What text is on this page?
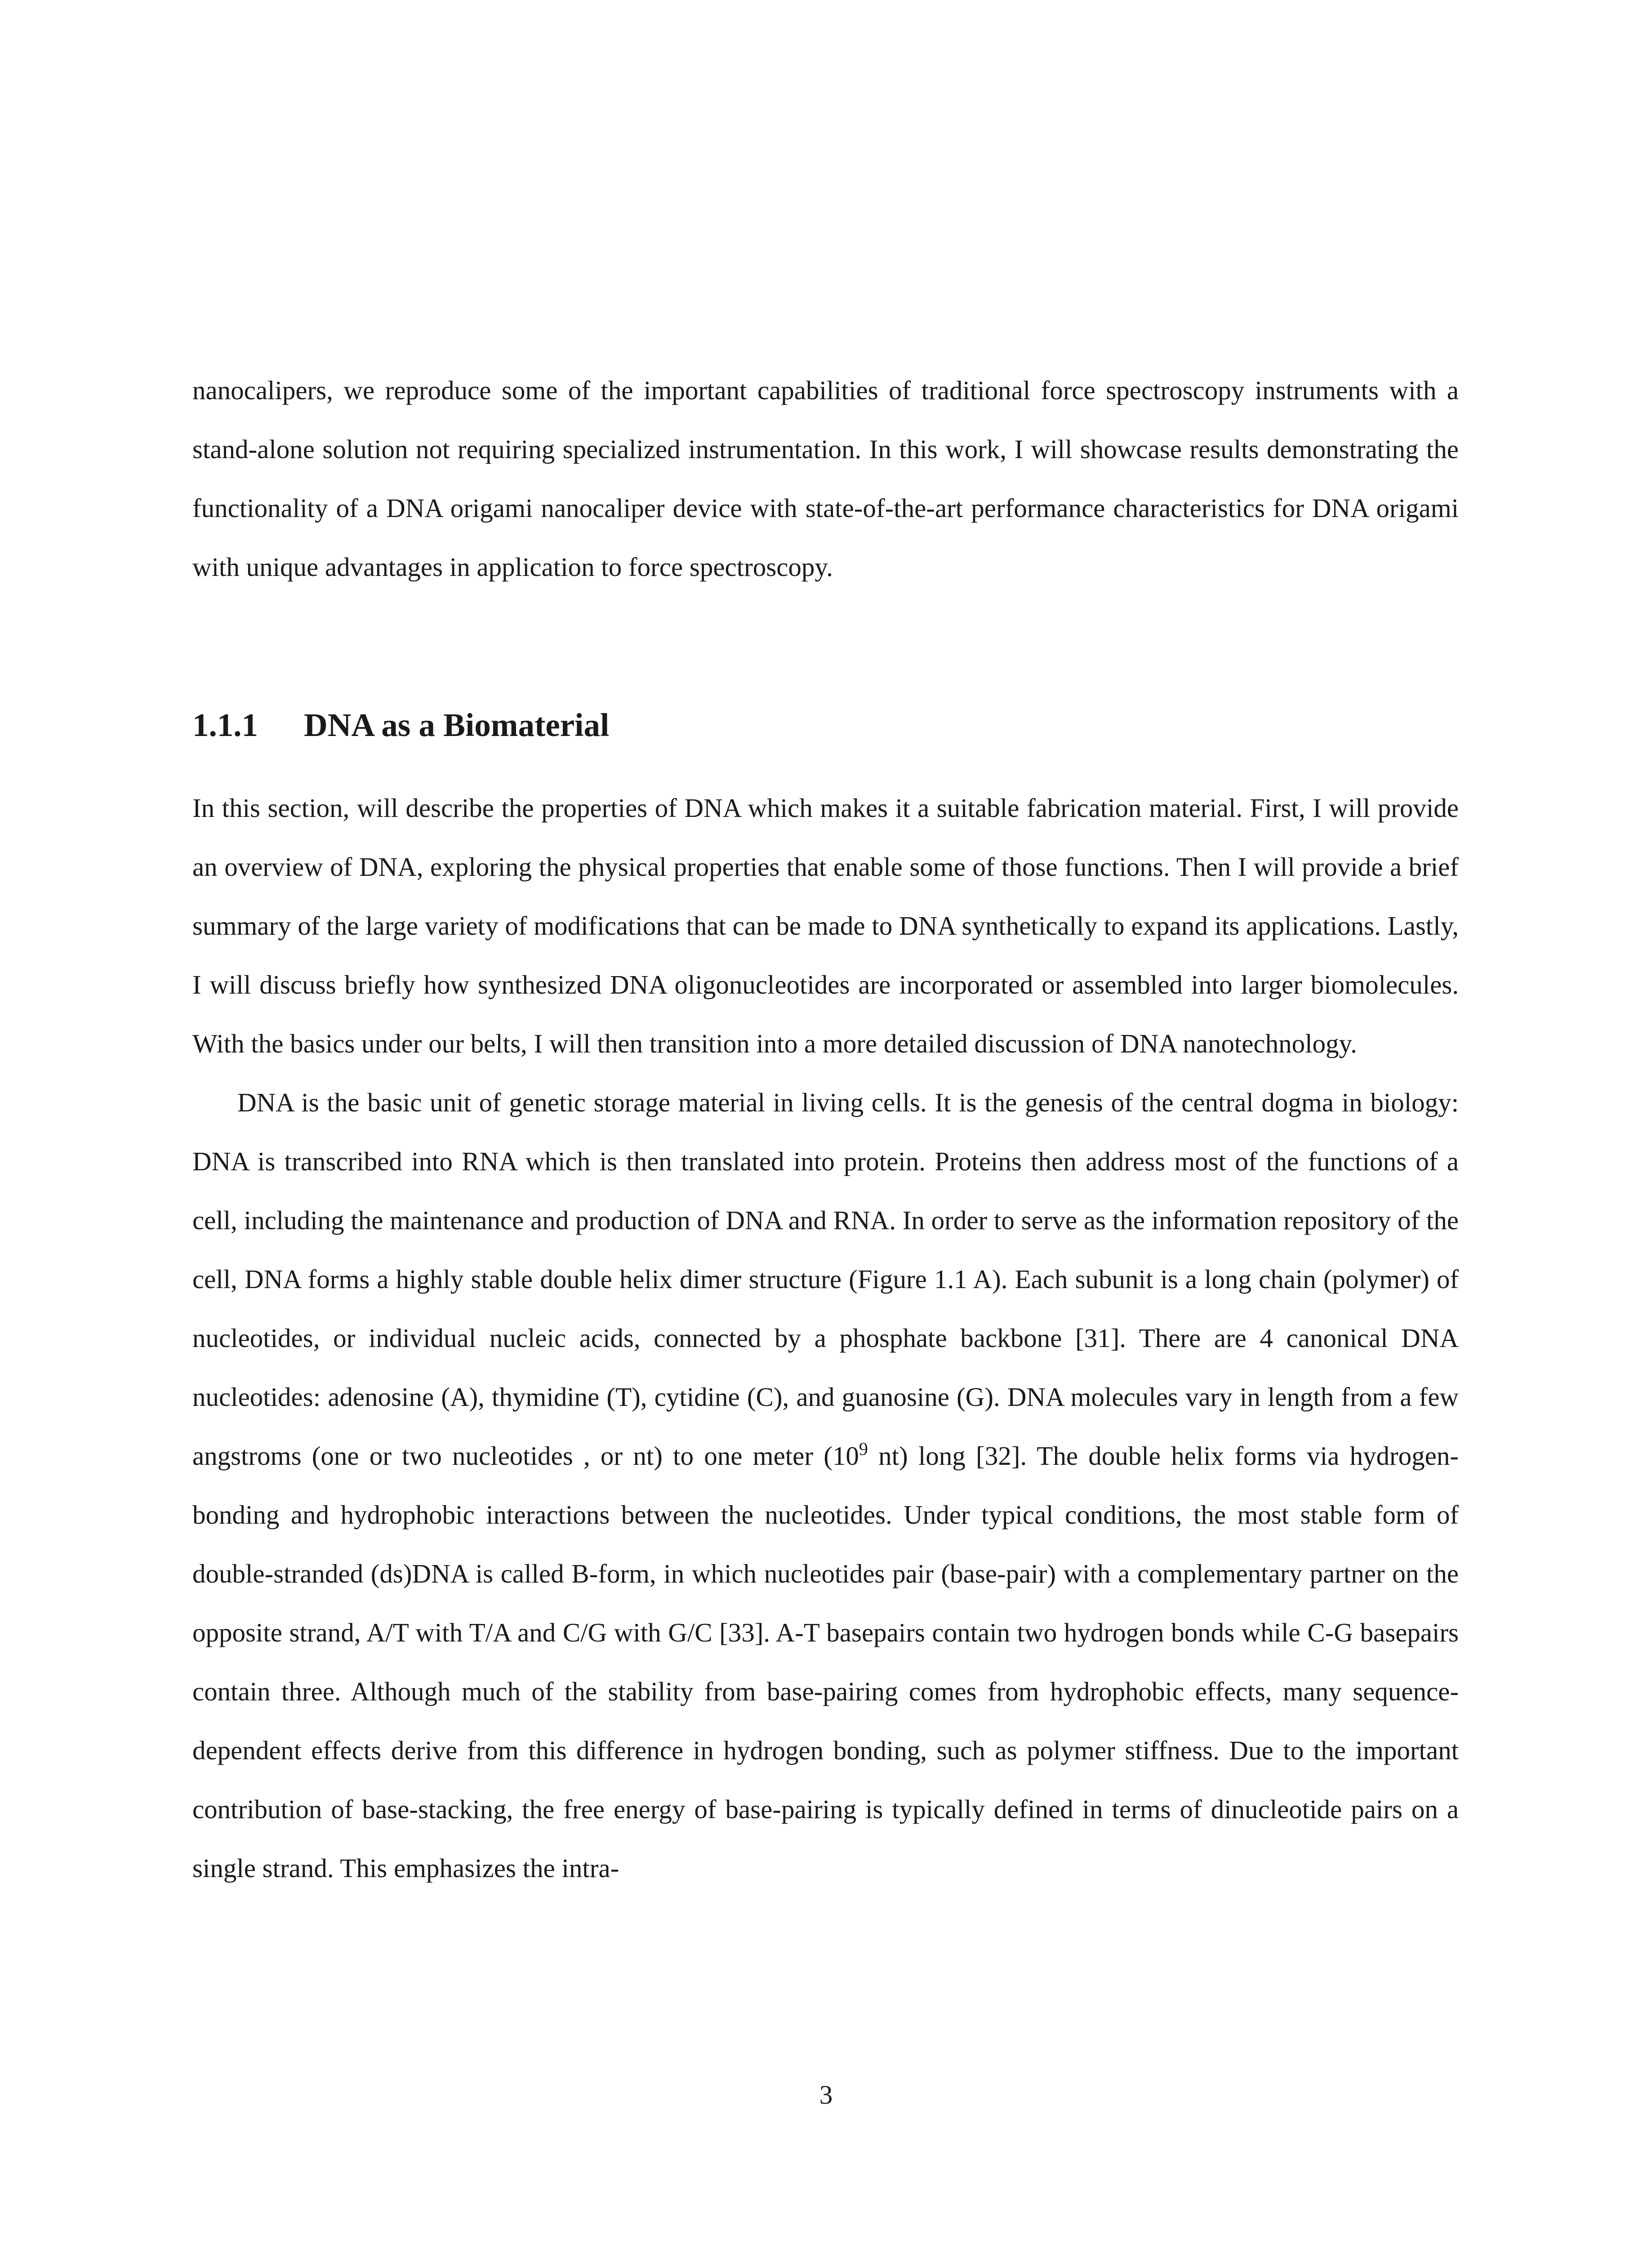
nanocalipers, we reproduce some of the important capabilities of traditional force spectroscopy instruments with a stand-alone solution not requiring specialized instrumentation. In this work, I will showcase results demonstrating the functionality of a DNA origami nanocaliper device with state-of-the-art performance characteristics for DNA origami with unique advantages in application to force spectroscopy.

1.1.1 DNA as a Biomaterial

In this section, will describe the properties of DNA which makes it a suitable fabrication material. First, I will provide an overview of DNA, exploring the physical properties that enable some of those functions. Then I will provide a brief summary of the large variety of modifications that can be made to DNA synthetically to expand its applications. Lastly, I will discuss briefly how synthesized DNA oligonucleotides are incorporated or assembled into larger biomolecules. With the basics under our belts, I will then transition into a more detailed discussion of DNA nanotechnology.

DNA is the basic unit of genetic storage material in living cells. It is the genesis of the central dogma in biology: DNA is transcribed into RNA which is then translated into protein. Proteins then address most of the functions of a cell, including the maintenance and production of DNA and RNA. In order to serve as the information repository of the cell, DNA forms a highly stable double helix dimer structure (Figure 1.1 A). Each subunit is a long chain (polymer) of nucleotides, or individual nucleic acids, connected by a phosphate backbone [31]. There are 4 canonical DNA nucleotides: adenosine (A), thymidine (T), cytidine (C), and guanosine (G). DNA molecules vary in length from a few angstroms (one or two nucleotides , or nt) to one meter ($10^9$ nt) long [32]. The double helix forms via hydrogen-bonding and hydrophobic interactions between the nucleotides. Under typical conditions, the most stable form of double-stranded (ds)DNA is called B-form, in which nucleotides pair (base-pair) with a complementary partner on the opposite strand, A/T with T/A and C/G with G/C [33]. A-T basepairs contain two hydrogen bonds while C-G basepairs contain three. Although much of the stability from base-pairing comes from hydrophobic effects, many sequence-dependent effects derive from this difference in hydrogen bonding, such as polymer stiffness. Due to the important contribution of base-stacking, the free energy of base-pairing is typically defined in terms of dinucleotide pairs on a single strand. This emphasizes the intra-

3
